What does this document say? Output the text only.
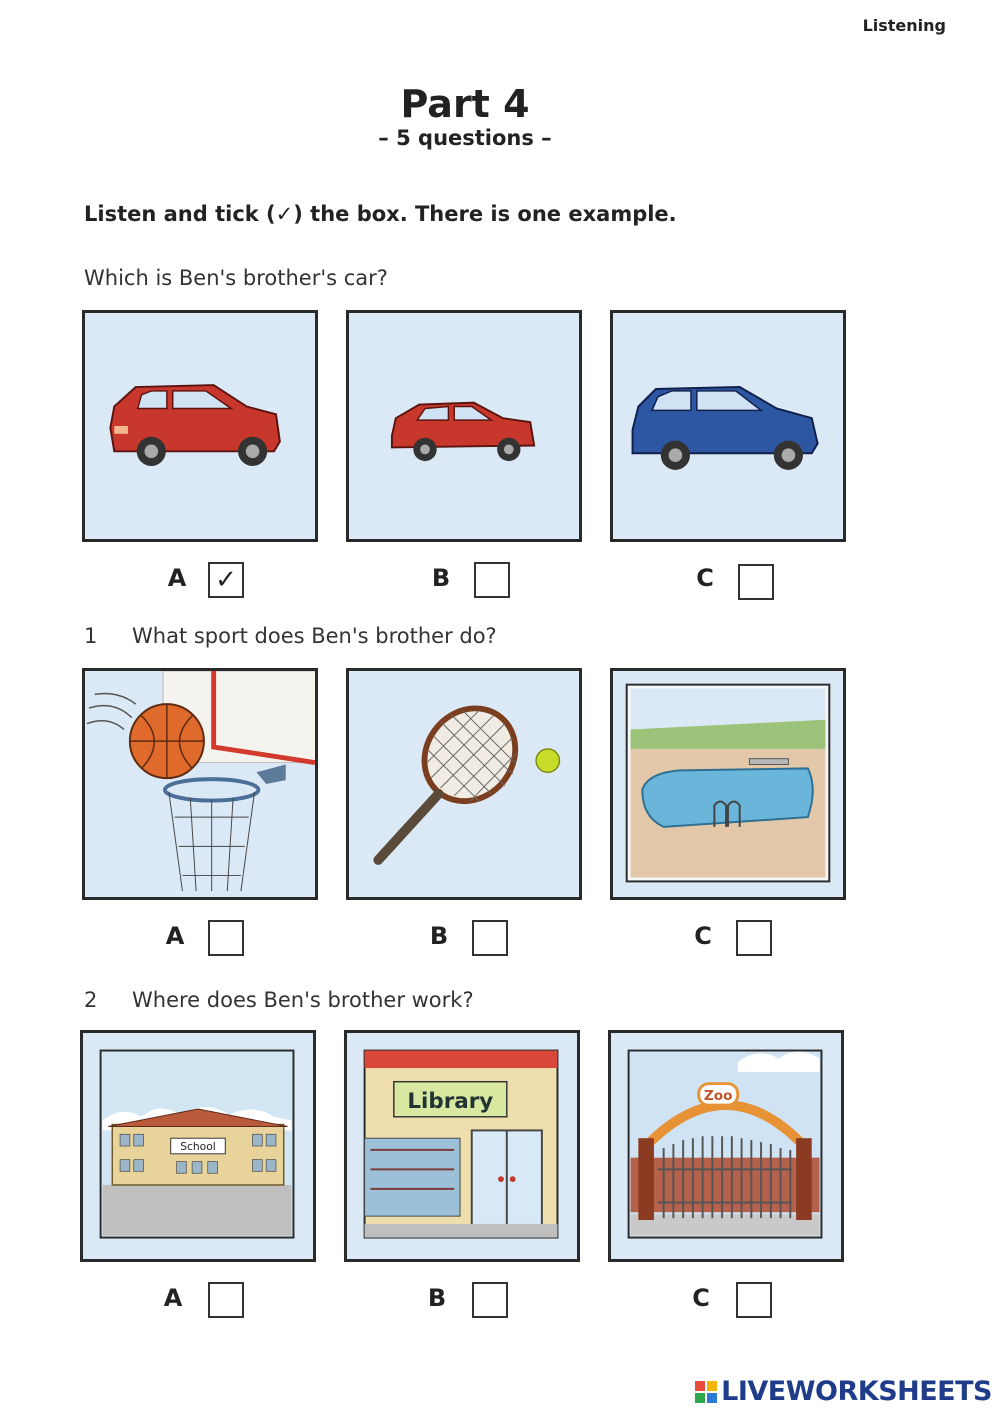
Listening
Part 4
– 5 questions –
Listen and tick (✓) the box. There is one example.
Which is Ben's brother's car?
A ✓	B	C
1 What sport does Ben's brother do?
A	B	C
2 Where does Ben's brother work?
School
Library	Zoo
A	B	C
LIVEWORKSHEETS
